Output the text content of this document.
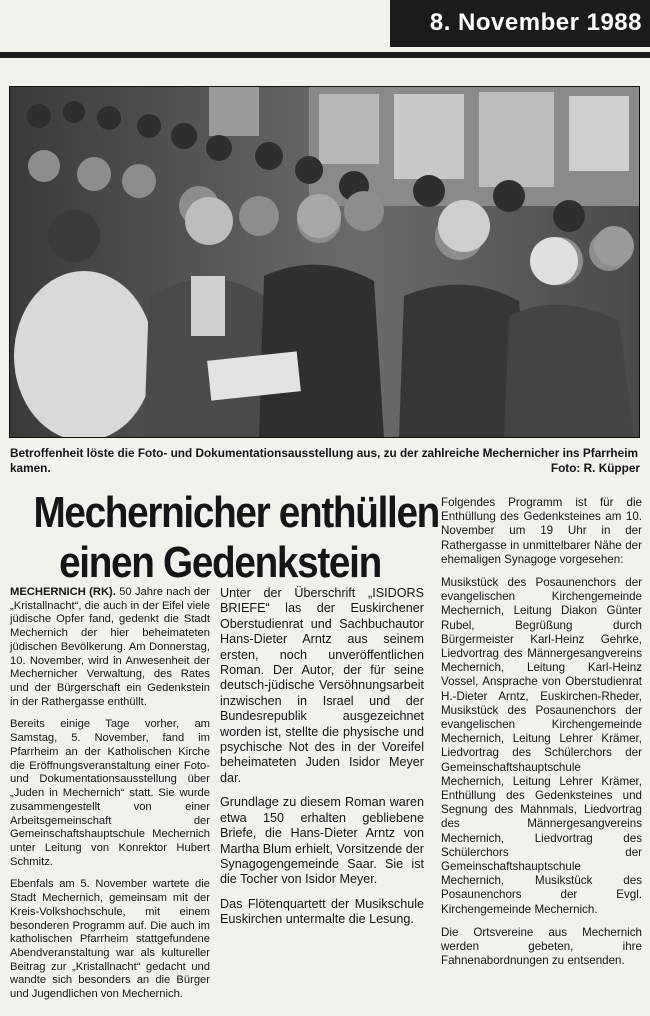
8. November 1988
Betroffenheit löste die Foto- und Dokumentationsausstellung aus, zu der zahlreiche Mechernicher ins Pfarrheim kamen.	Foto: R. Küpper
Mechernicher enthüllen
einen Gedenkstein

MECHERNICH (RK). 50 Jahre nach der „Kristallnacht“, die auch in der Eifel viele jüdische Opfer fand, gedenkt die Stadt Mechernich der hier beheimateten jüdischen Bevölkerung. Am Donnerstag, 10. November, wird in Anwesenheit der Mechernicher Verwaltung, des Rates und der Bürgerschaft ein Gedenkstein in der Rathergasse enthüllt.

Bereits einige Tage vorher, am Samstag, 5. November, fand im Pfarrheim an der Katholischen Kirche die Eröffnungsveranstaltung einer Foto- und Dokumentationsausstellung über „Juden in Mechernich“ statt. Sie wurde zusammengestellt von einer Arbeitsgemeinschaft der Gemeinschaftshauptschule Mechernich unter Leitung von Konrektor Hubert Schmitz.

Ebenfals am 5. November wartete die Stadt Mechernich, gemeinsam mit der Kreis-Volkshochschule, mit einem besonderen Programm auf. Die auch im katholischen Pfarrheim stattgefundene Abendveranstaltung war als kultureller Beitrag zur „Kristallnacht“ gedacht und wandte sich besonders an die Bürger und Jugendlichen von Mechernich.

Unter der Überschrift „ISIDORS BRIEFE“ las der Euskirchener Oberstudienrat und Sachbuchautor Hans-Dieter Arntz aus seinem ersten, noch unveröffentlichen Roman. Der Autor, der für seine deutsch-jüdische Versöhnungsarbeit inzwischen in Israel und der Bundesrepublik ausgezeichnet worden ist, stellte die physische und psychische Not des in der Voreifel beheimateten Juden Isidor Meyer dar.

Grundlage zu diesem Roman waren etwa 150 erhalten gebliebene Briefe, die Hans-Dieter Arntz von Martha Blum erhielt, Vorsitzende der Synagogengemeinde Saar. Sie ist die Tocher von Isidor Meyer.

Das Flötenquartett der Musikschule Euskirchen untermalte die Lesung.

Folgendes Programm ist für die Enthüllung des Gedenksteines am 10. November um 19 Uhr in der Rathergasse in unmittelbarer Nähe der ehemaligen Synagoge vorgesehen:

Musikstück des Posaunenchors der evangelischen Kirchengemeinde Mechernich, Leitung Diakon Günter Rubel, Begrüßung durch Bürgermeister Karl-Heinz Gehrke, Liedvortrag des Männergesangvereins Mechernich, Leitung Karl-Heinz Vossel, Ansprache von Oberstudienrat H.-Dieter Arntz, Euskirchen-Rheder, Musikstück des Posaunenchors der evangelischen Kirchengemeinde Mechernich, Leitung Lehrer Krämer, Liedvortrag des Schülerchors der Gemeinschaftshauptschule Mechernich, Leitung Lehrer Krämer, Enthüllung des Gedenksteines und Segnung des Mahnmals, Liedvortrag des Männergesangvereins Mechernich, Liedvortrag des Schülerchors der Gemeinschaftshauptschule Mechernich, Musikstück des Posaunenchors der Evgl. Kirchengemeinde Mechernich.

Die Ortsvereine aus Mechernich werden gebeten, ihre Fahnenabordnungen zu entsenden.
